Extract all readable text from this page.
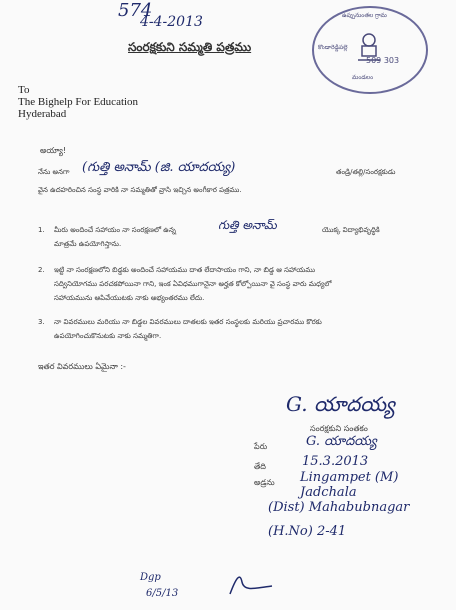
574
4-4-2013	ఉప్పునుంతల గ్రామ
509 303
మండలం
కొండారెడ్డిపల్లె
సంరక్షకుని సమ్మతి పత్రము
To
The Bighelp For Education
Hyderabad
అయ్యా!
నేను అనగా (గుత్తి అనామ్ (జి. యాదయ్య)	తండ్రి/తల్లి/సంరక్షకుడు
వైన ఉదహరించిన సంస్థ వారికి నా సమ్మతితో వ్రాసి ఇచ్చిన అంగీకార పత్రము.
1. మీరు అందించే సహాయం నా సంరక్షణలో ఉన్న	గుత్తి అనామ్	యొక్క విద్యాభివృద్ధికి
మాత్రమే ఉపయోగిస్తాను.
2. ఇట్టి నా సంరక్షణలోని బిడ్డకు అందించే సహాయము దాత లేదాసాయం గాని, నా బిడ్డ ఆ సహాయము
సద్వినియోగము పరచకపోయినా గాని, ఇంక ఏవిధముగానైనా అర్హత కోల్పోయినా వై సంస్థ వారు మధ్యలో
సహాయమును ఆపివేయుటకు నాకు అభ్యంతరము లేదు.
3. నా వివరములు మరియు నా బిడ్డల వివరములు దాతలకు ఇతర సంస్థలకు మరియు ప్రచారము కొరకు
ఉపయోగించుకొనుటకు నాకు సమ్మతిగా.
ఇతర వివరములు ఏమైనా :-
G. యాదయ్య
సంరక్షకుని సంతకం
పేరు	G. యాదయ్య
తేది	15.3.2013
అడ్రను Lingampet (M) Jadchala
(Dist) Mahabubnagar
(H.No) 2-41
Dgp
6/5/13
